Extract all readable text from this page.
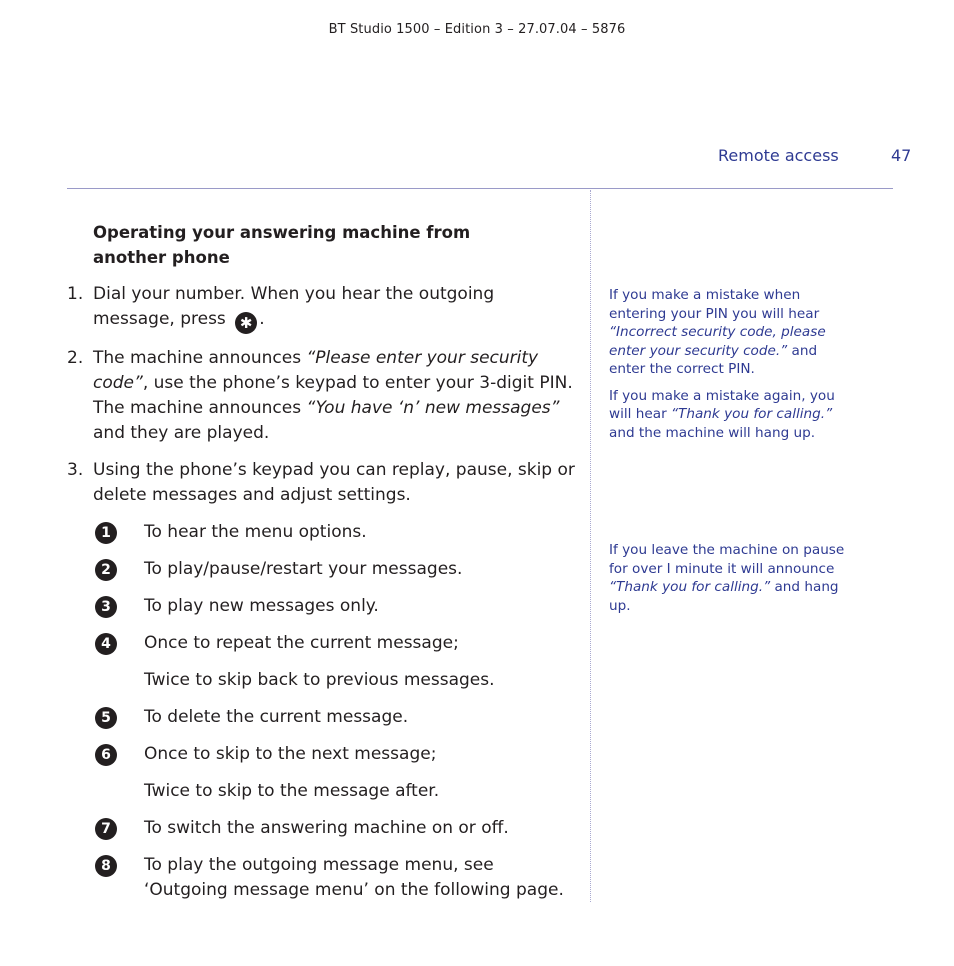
BT Studio 1500 – Edition 3 – 27.07.04 – 5876
Remote access	47
Operating your answering machine from another phone
1. Dial your number. When you hear the outgoing message, press ✱ .
2. The machine announces “Please enter your security code”, use the phone’s keypad to enter your 3-digit PIN. The machine announces “You have ‘n’ new messages” and they are played.
3. Using the phone’s keypad you can replay, pause, skip or delete messages and adjust settings.
1	To hear the menu options.
2	To play/pause/restart your messages.
3	To play new messages only.
4	Once to repeat the current message;
Twice to skip back to previous messages.
5	To delete the current message.
6	Once to skip to the next message;
Twice to skip to the message after.
7	To switch the answering machine on or off.
8	To play the outgoing message menu, see ‘Outgoing message menu’ on the following page.

If you make a mistake when entering your PIN you will hear “Incorrect security code, please enter your security code.” and enter the correct PIN.

If you make a mistake again, you will hear “Thank you for calling.” and the machine will hang up.

If you leave the machine on pause for over I minute it will announce “Thank you for calling.” and hang up.
